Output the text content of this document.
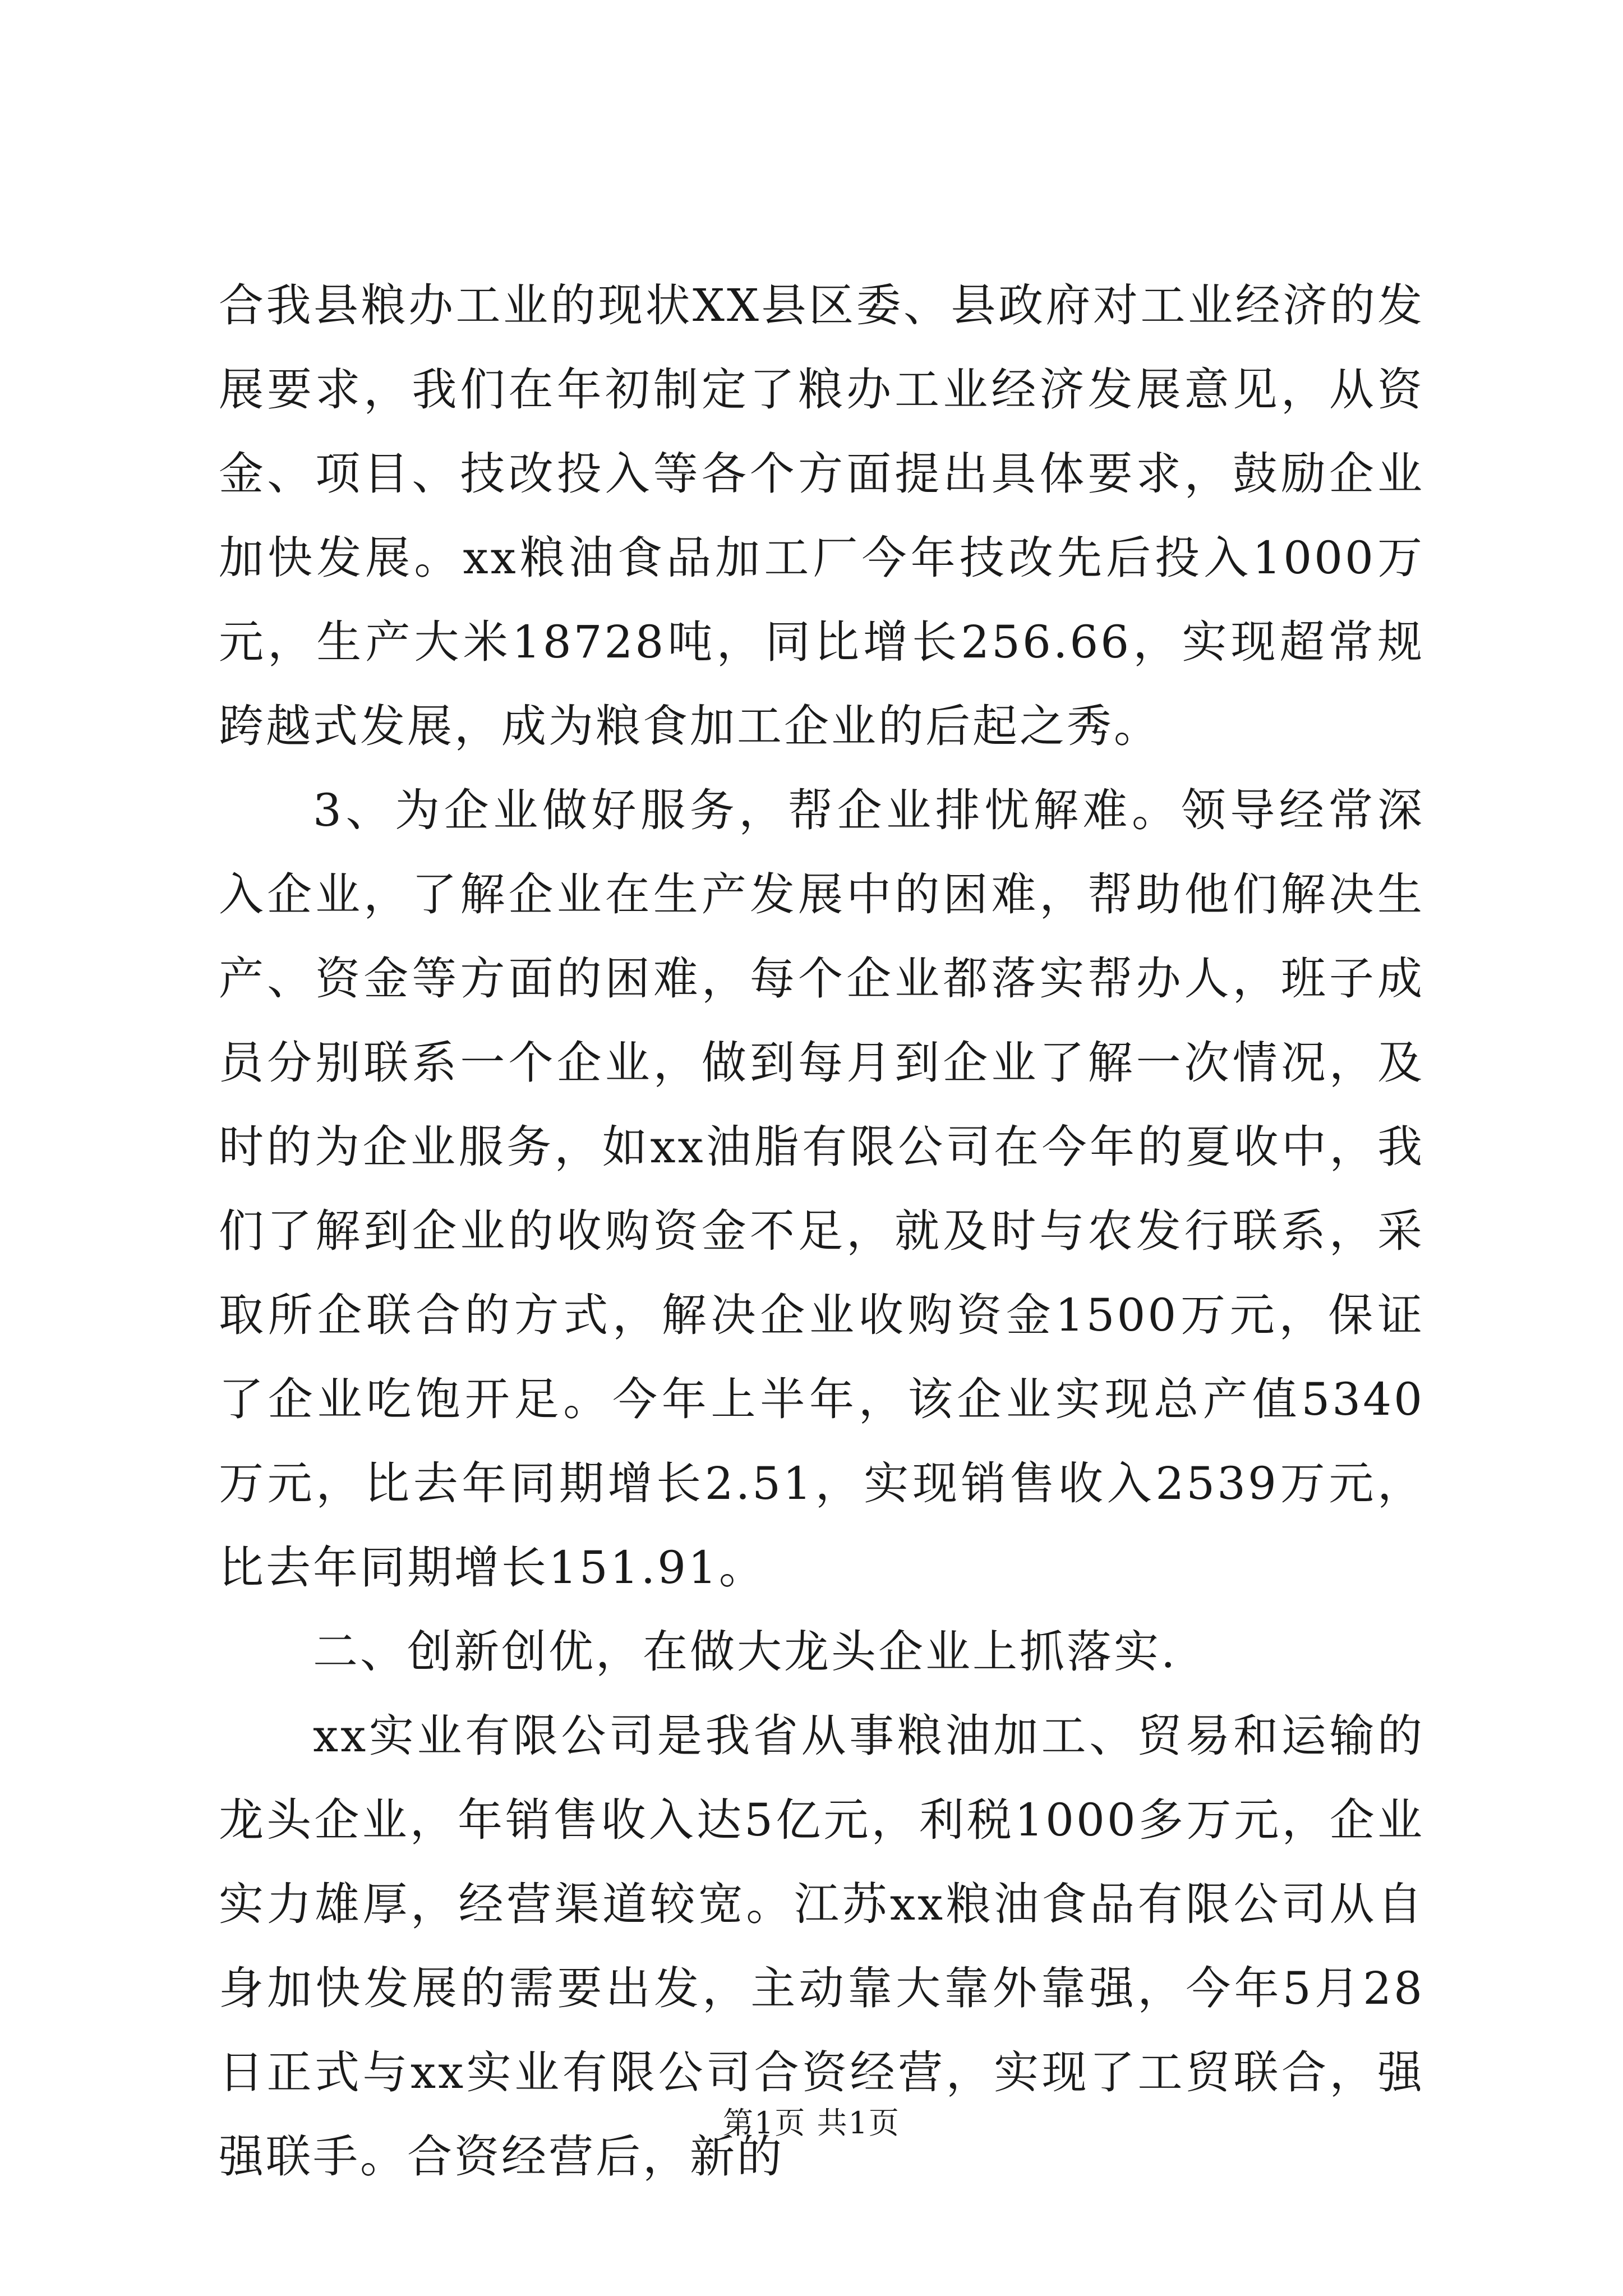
合我县粮办工业的现状XX县区委、县政府对工业经济的发展要求，我们在年初制定了粮办工业经济发展意见，从资金、项目、技改投入等各个方面提出具体要求，鼓励企业加快发展。xx粮油食品加工厂今年技改先后投入1000万元，生产大米18728吨，同比增长256.66，实现超常规跨越式发展，成为粮食加工企业的后起之秀。

3、为企业做好服务，帮企业排忧解难。领导经常深入企业，了解企业在生产发展中的困难，帮助他们解决生产、资金等方面的困难，每个企业都落实帮办人，班子成员分别联系一个企业，做到每月到企业了解一次情况，及时的为企业服务，如xx油脂有限公司在今年的夏收中，我们了解到企业的收购资金不足，就及时与农发行联系，采取所企联合的方式，解决企业收购资金1500万元，保证了企业吃饱开足。今年上半年，该企业实现总产值5340万元，比去年同期增长2.51，实现销售收入2539万元，比去年同期增长151.91。

二、创新创优，在做大龙头企业上抓落实.

xx实业有限公司是我省从事粮油加工、贸易和运输的龙头企业，年销售收入达5亿元，利税1000多万元，企业实力雄厚，经营渠道较宽。江苏xx粮油食品有限公司从自身加快发展的需要出发，主动靠大靠外靠强，今年5月28日正式与xx实业有限公司合资经营，实现了工贸联合，强强联手。合资经营后，新的

第1页 共1页
